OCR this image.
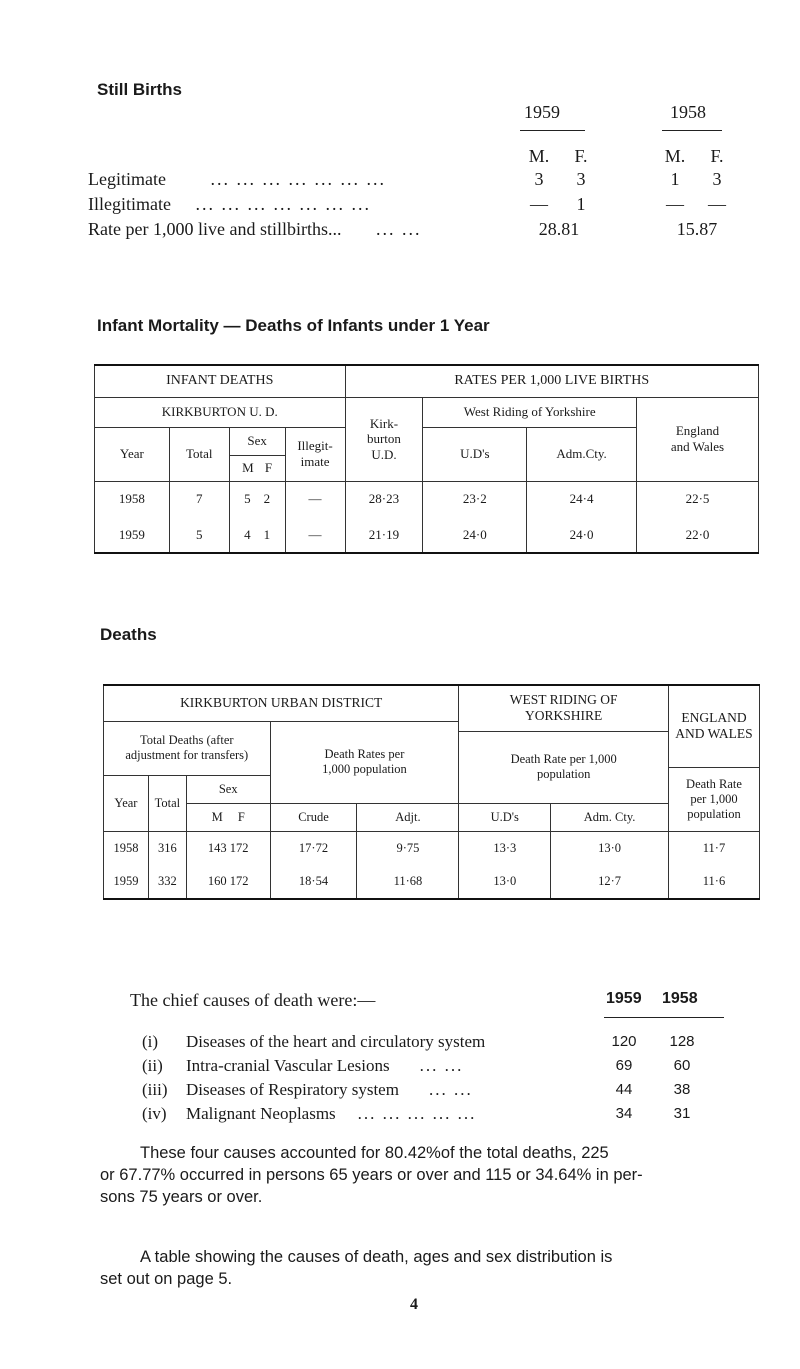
Still Births
1959	1958
M. F.	M. F.
Legitimate ... ... ... ... ... ... ...	3	3	1	3
Illegitimate ... ... ... ... ... ... ...	—	1	— —
Rate per 1,000 live and stillbirths... ... ...	28.81	15.87
Infant Mortality — Deaths of Infants under 1 Year
INFANT DEATHS				RATES PER 1,000 LIVE BIRTHS			
KIRKBURTON U. D.				Kirk- burton U.D.	West Riding of Yorkshire		England and Wales
Year	Total	Sex	Illegit- imate		U.D's	Adm.Cty.	
		M F					
1958	7	5 2	—	28·23	23·2	24·4	22·5
1959	5	4 1	—	21·19	24·0	24·0	22·0
Deaths
KIRKBURTON URBAN DISTRICT					WEST RIDING OF YORKSHIRE		ENGLAND AND WALES
Total Deaths (after adjustment for transfers)			Death Rates per 1,000 population				
					Death Rate per 1,000 population		
							Death Rate per 1,000 population
Year	Total	Sex					
		M F	Crude	Adjt.	U.D's	Adm. Cty.	
1958	316	143 172	17·72	9·75	13·3	13·0	11·7
1959	332	160 172	18·54	11·68	13·0	12·7	11·6
The chief causes of death were:—	1959 1958
(i) Diseases of the heart and circulatory system	120	128
(ii) Intra-cranial Vascular Lesions ... ...	69	60
(iii) Diseases of Respiratory system ... ...	44	38
(iv) Malignant Neoplasms ... ... ... ... ...	34	31
These four causes accounted for 80.42%of the total deaths, 225
or 67.77% occurred in persons 65 years or over and 115 or 34.64% in per-
sons 75 years or over.
A table showing the causes of death, ages and sex distribution is
set out on page 5.
4
